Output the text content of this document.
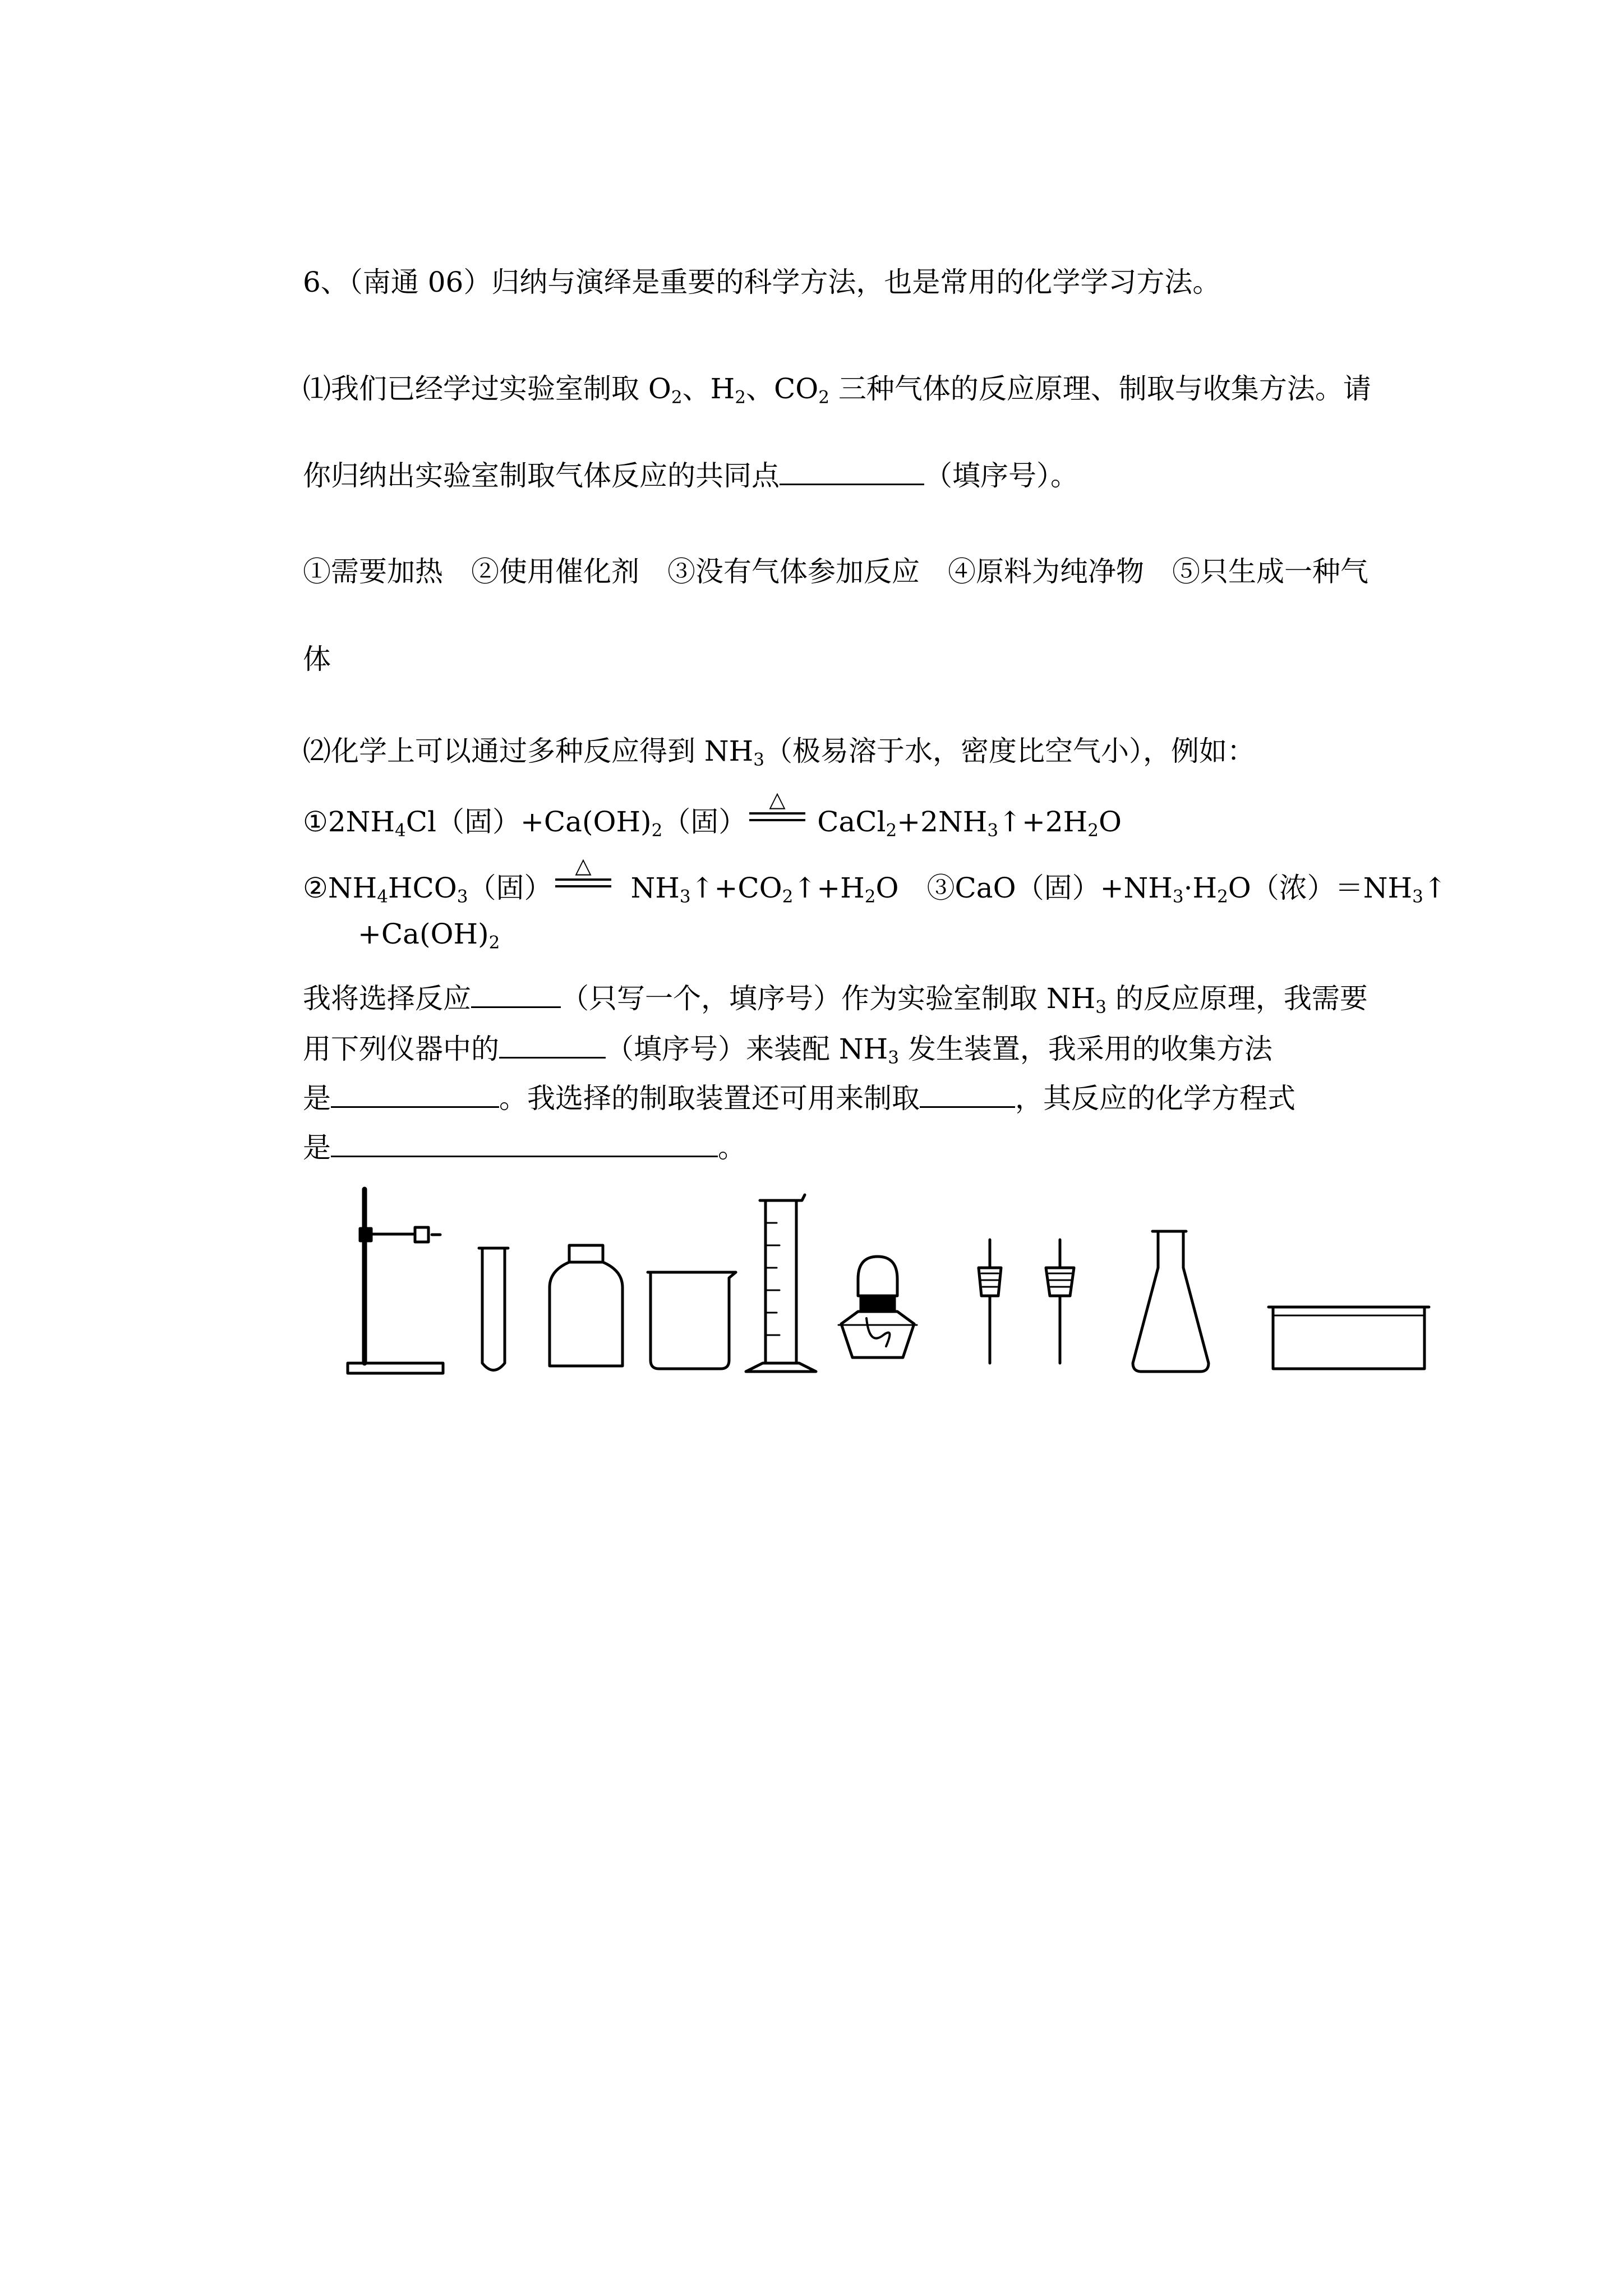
6、（南通 06）归纳与演绎是重要的科学方法，也是常用的化学学习方法。
⑴我们已经学过实验室制取 $O_2$、$H_2$、$CO_2$ 三种气体的反应原理、制取与收集方法。请
你归纳出实验室制取气体反应的共同点	（填序号）。
①需要加热　②使用催化剂　③没有气体参加反应　④原料为纯净物　⑤只生成一种气
体
⑵化学上可以通过多种反应得到 $NH_3$（极易溶于水，密度比空气小），例如：
$①2NH_4Cl$（固）$+Ca(OH)_2$（固）
△
$CaCl_2+2NH_3↑+2H_2O$
$②NH_4HCO_3$（固）
△
$NH_3↑+CO_2↑+H_2O$　③CaO（固）$+NH_3\cdot H_2O$（浓）$=NH_3↑$
$+Ca(OH)_2$
我将选择反应	（只写一个，填序号）作为实验室制取 $NH_3$ 的反应原理，我需要
用下列仪器中的	（填序号）来装配 $NH_3$ 发生装置，我采用的收集方法
是	。我选择的制取装置还可用来制取	，其反应的化学方程式
是	。
